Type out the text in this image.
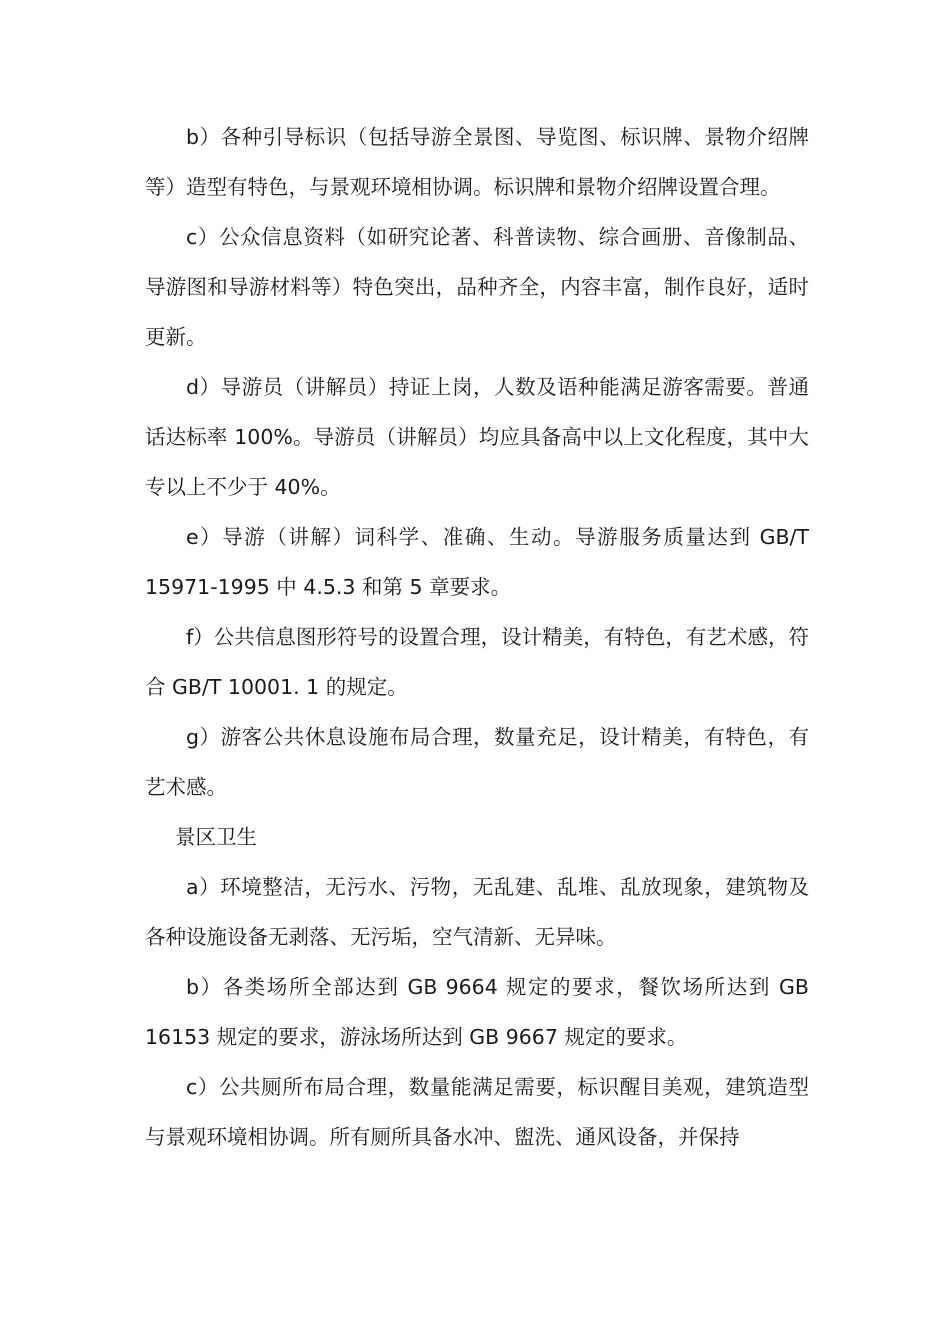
b）各种引导标识（包括导游全景图、导览图、标识牌、景物介绍牌等）造型有特色，与景观环境相协调。标识牌和景物介绍牌设置合理。

c）公众信息资料（如研究论著、科普读物、综合画册、音像制品、导游图和导游材料等）特色突出，品种齐全，内容丰富，制作良好，适时更新。

d）导游员（讲解员）持证上岗，人数及语种能满足游客需要。普通话达标率 100%。导游员（讲解员）均应具备高中以上文化程度，其中大专以上不少于 40%。

e）导游（讲解）词科学、准确、生动。导游服务质量达到 GB/T 15971-1995 中 4.5.3 和第 5 章要求。

f）公共信息图形符号的设置合理，设计精美，有特色，有艺术感，符合 GB/T 10001. 1 的规定。

g）游客公共休息设施布局合理，数量充足，设计精美，有特色，有艺术感。

景区卫生

a）环境整洁，无污水、污物，无乱建、乱堆、乱放现象，建筑物及各种设施设备无剥落、无污垢，空气清新、无异味。

b）各类场所全部达到 GB 9664 规定的要求，餐饮场所达到 GB 16153 规定的要求，游泳场所达到 GB 9667 规定的要求。

c）公共厕所布局合理，数量能满足需要，标识醒目美观，建筑造型与景观环境相协调。所有厕所具备水冲、盥洗、通风设备，并保持
